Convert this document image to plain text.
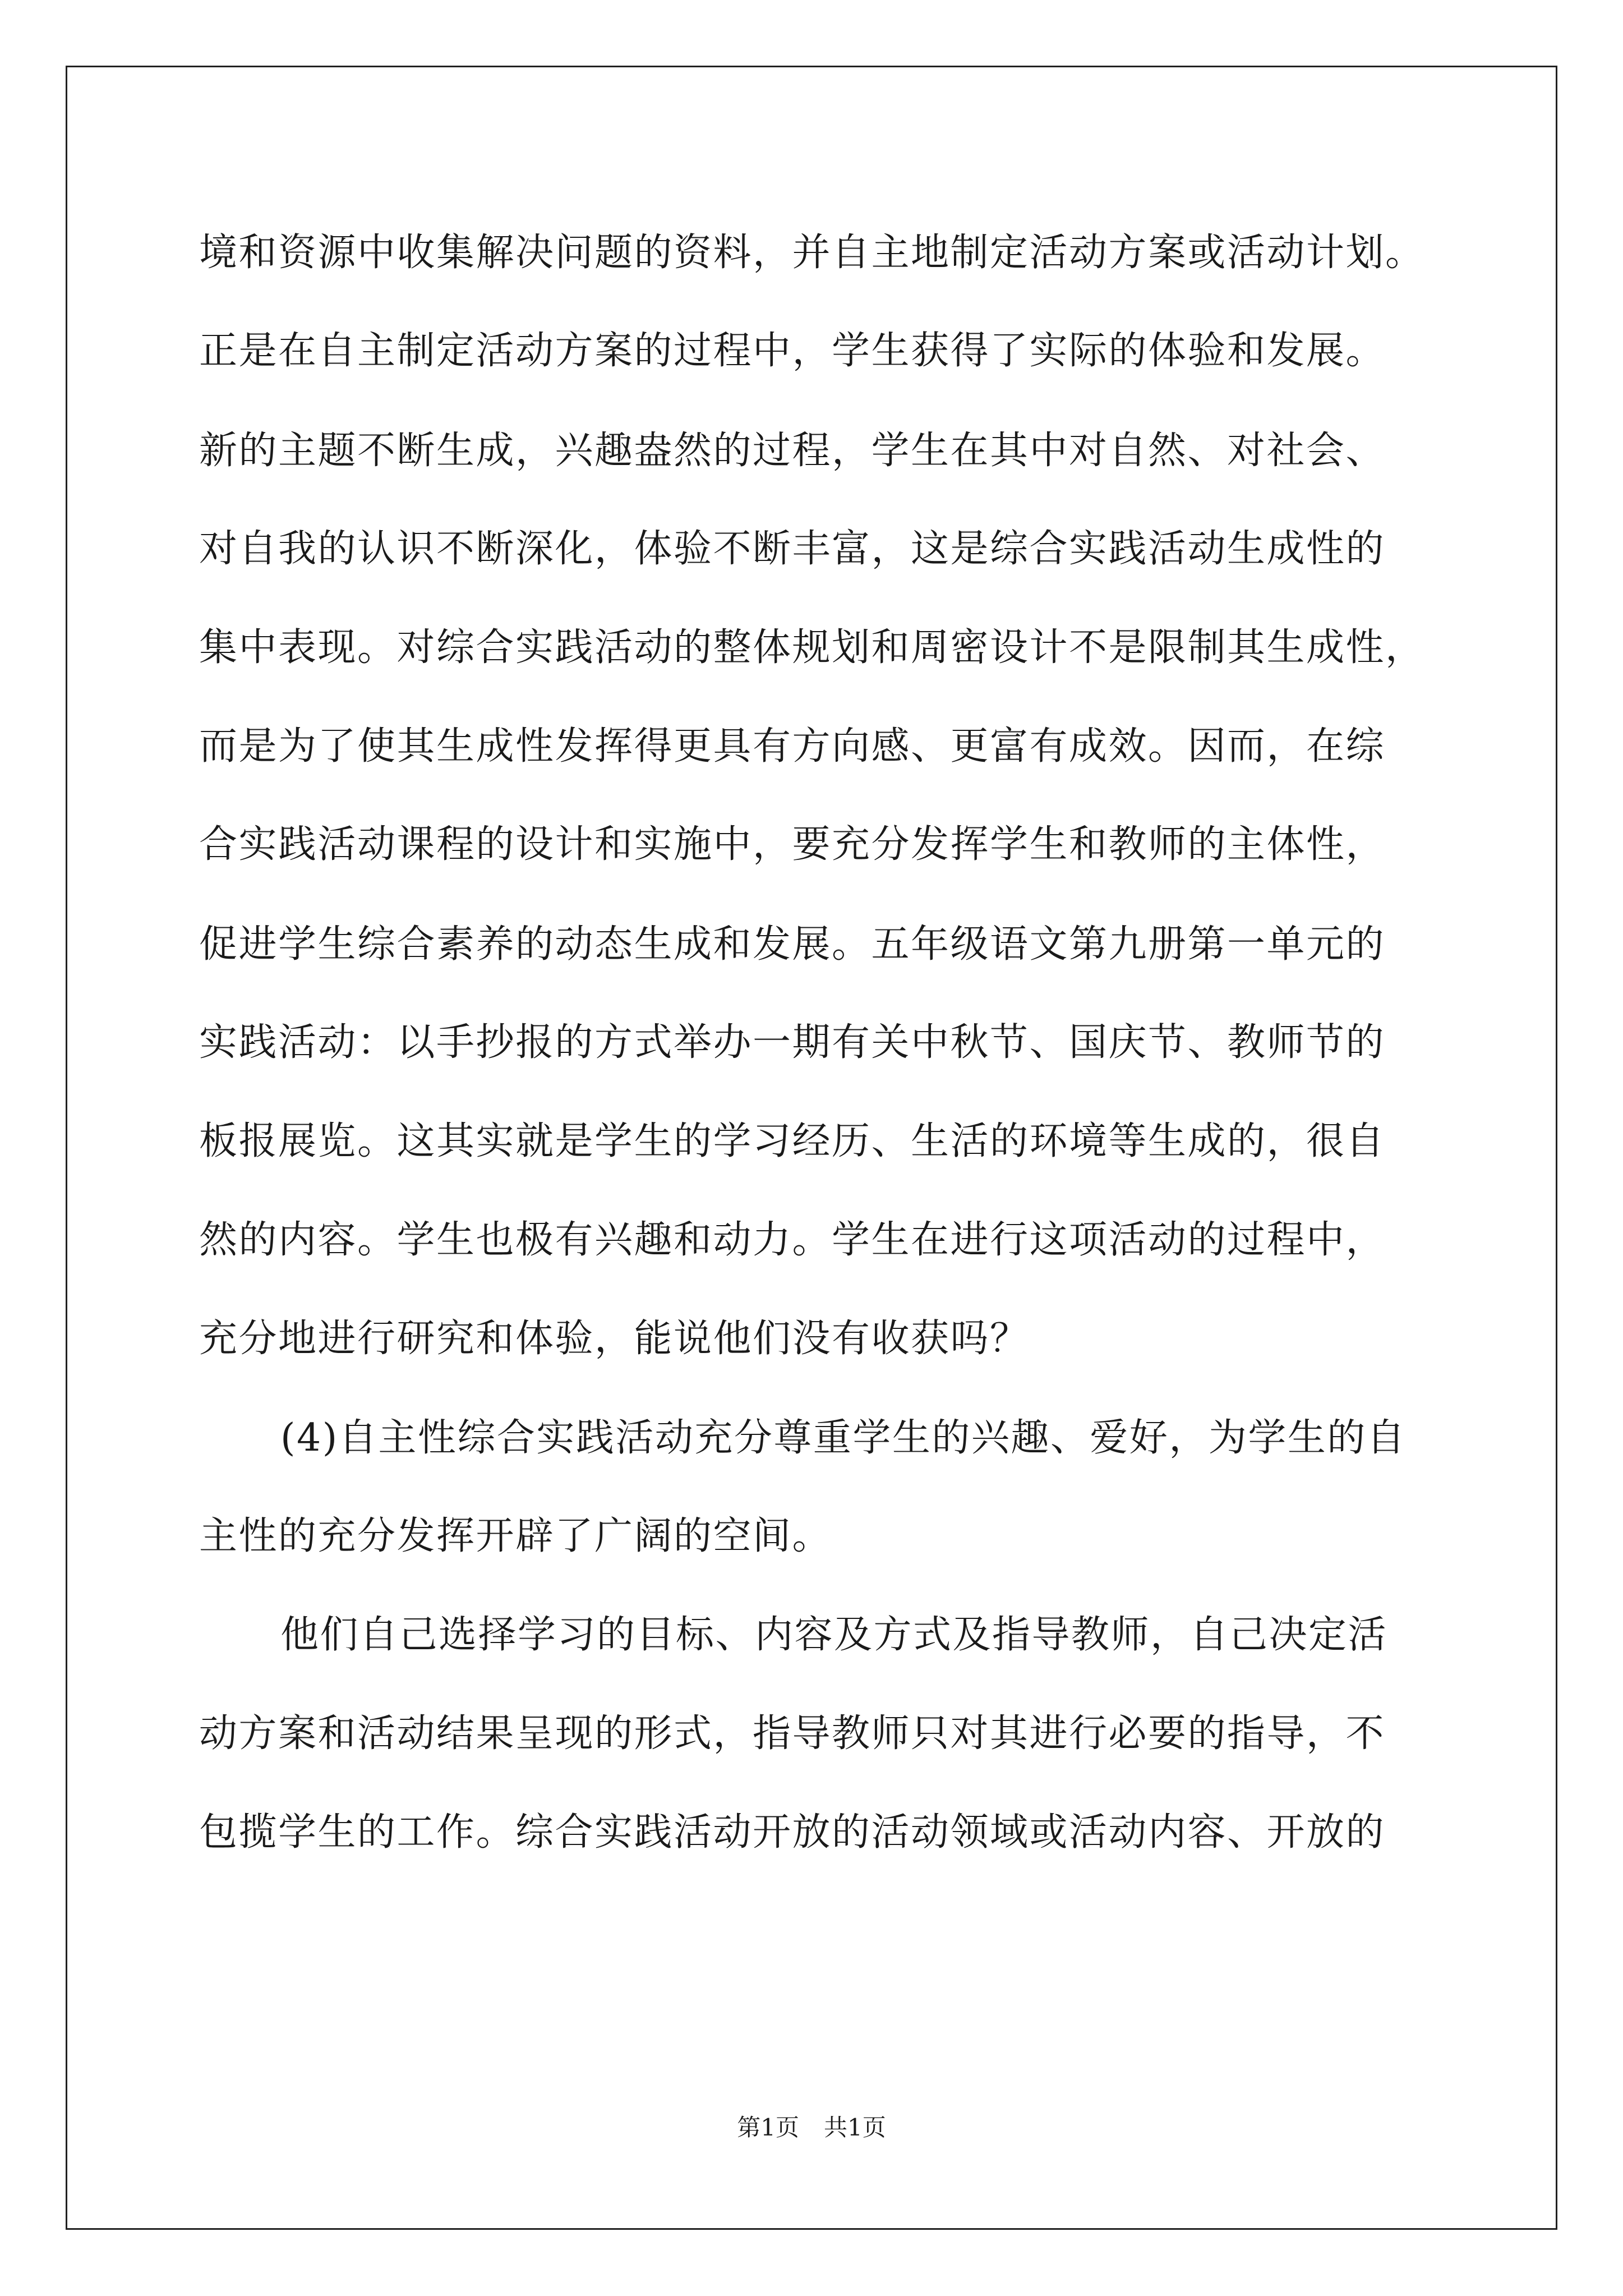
境和资源中收集解决问题的资料，并自主地制定活动方案或活动计划。
正是在自主制定活动方案的过程中，学生获得了实际的体验和发展。
新的主题不断生成，兴趣盎然的过程，学生在其中对自然、对社会、
对自我的认识不断深化，体验不断丰富，这是综合实践活动生成性的
集中表现。对综合实践活动的整体规划和周密设计不是限制其生成性，
而是为了使其生成性发挥得更具有方向感、更富有成效。因而，在综
合实践活动课程的设计和实施中，要充分发挥学生和教师的主体性，
促进学生综合素养的动态生成和发展。五年级语文第九册第一单元的
实践活动：以手抄报的方式举办一期有关中秋节、国庆节、教师节的
板报展览。这其实就是学生的学习经历、生活的环境等生成的，很自
然的内容。学生也极有兴趣和动力。学生在进行这项活动的过程中，
充分地进行研究和体验，能说他们没有收获吗？
(4)自主性综合实践活动充分尊重学生的兴趣、爱好，为学生的自
主性的充分发挥开辟了广阔的空间。
他们自己选择学习的目标、内容及方式及指导教师，自己决定活
动方案和活动结果呈现的形式，指导教师只对其进行必要的指导，不
包揽学生的工作。综合实践活动开放的活动领域或活动内容、开放的
第1页 共1页
